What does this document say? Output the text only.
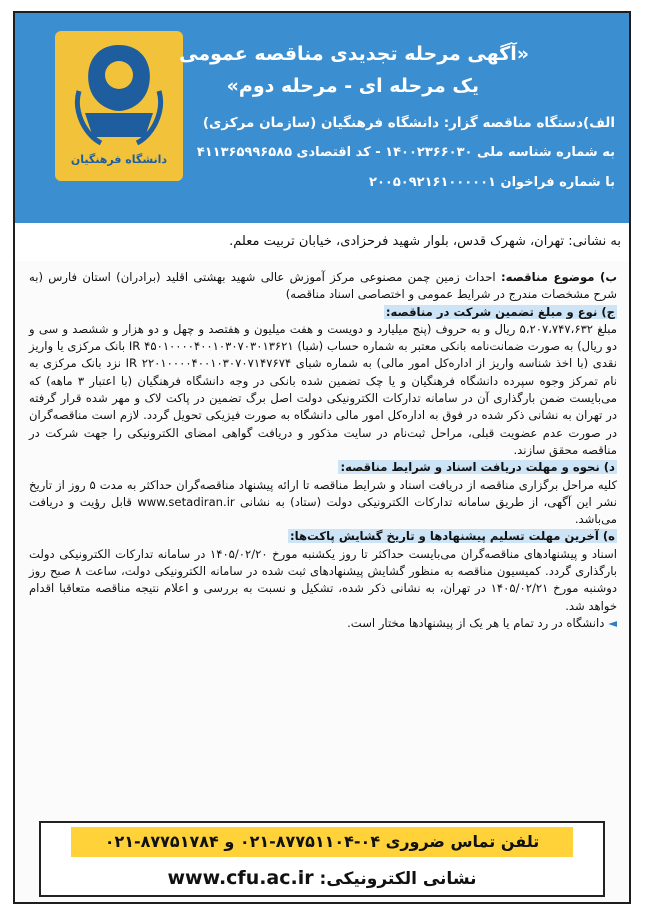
دانشگاه فرهنگیان
«آگهی مرحله تجدیدی مناقصه عمومی
یک مرحله ای - مرحله دوم»
الف)دستگاه مناقصه گزار: دانشگاه فرهنگیان (سازمان مرکزی)
به شماره شناسه ملی ۱۴۰۰۲۳۶۶۰۳۰ - کد اقتصادی ۴۱۱۳۶۵۹۹۶۵۸۵
با شماره فراخوان ۲۰۰۵۰۹۲۱۶۱۰۰۰۰۰۱
به نشانی: تهران، شهرک قدس، بلوار شهید فرحزادی، خیابان تربیت معلم.
ب) موضوع مناقصه: احداث زمین چمن مصنوعی مرکز آموزش عالی شهید بهشتی اقلید (برادران) استان فارس (به شرح مشخصات مندرج در شرایط عمومی و اختصاصی اسناد مناقصه)
ج) نوع و مبلغ تضمین شرکت در مناقصه:
مبلغ ۵،۲۰۷،۷۴۷،۶۳۲ ریال و به حروف (پنج میلیارد و دویست و هفت میلیون و هفتصد و چهل و دو هزار و ششصد و سی و دو ریال) به صورت ضمانت‌نامه بانکی معتبر به شماره حساب (شبا) IR ۴۵۰۱۰۰۰۰۴۰۰۱۰۳۰۷۰۳۰۱۳۶۲۱ بانک مرکزی یا واریز نقدی (با اخذ شناسه واریز از اداره‌کل امور مالی) به شماره شبای IR ۲۲۰۱۰۰۰۰۴۰۰۱۰۳۰۷۰۷۱۴۷۶۷۴ نزد بانک مرکزی به نام تمرکز وجوه سپرده دانشگاه فرهنگیان و یا چک تضمین شده بانکی در وجه دانشگاه فرهنگیان (با اعتبار ۳ ماهه) که می‌بایست ضمن بارگذاری آن در سامانه تدارکات الکترونیکی دولت اصل برگ تضمین در پاکت لاک و مهر شده قرار گرفته در تهران به نشانی ذکر شده در فوق به اداره‌کل امور مالی دانشگاه به صورت فیزیکی تحویل گردد. لازم است مناقصه‌گران در صورت عدم عضویت قبلی، مراحل ثبت‌نام در سایت مذکور و دریافت گواهی امضای الکترونیکی را جهت شرکت در مناقصه محقق سازند.
د) نحوه و مهلت دریافت اسناد و شرایط مناقصه:
کلیه مراحل برگزاری مناقصه از دریافت اسناد و شرایط مناقصه تا ارائه پیشنهاد مناقصه‌گران حداکثر به مدت ۵ روز از تاریخ نشر این آگهی، از طریق سامانه تدارکات الکترونیکی دولت (ستاد) به نشانی www.setadiran.ir قابل رؤیت و دریافت می‌باشد.
ه) آخرین مهلت تسلیم پیشنهادها و تاریخ گشایش پاکت‌ها:
اسناد و پیشنهادهای مناقصه‌گران می‌بایست حداکثر تا روز یکشنبه مورخ ۱۴۰۵/۰۲/۲۰ در سامانه تدارکات الکترونیکی دولت بارگذاری گردد. کمیسیون مناقصه به منظور گشایش پیشنهادهای ثبت شده در سامانه الکترونیکی دولت، ساعت ۸ صبح روز دوشنبه مورخ ۱۴۰۵/۰۲/۲۱ در تهران، به نشانی ذکر شده، تشکیل و نسبت به بررسی و اعلام نتیجه مناقصه متعاقبا اقدام خواهد شد.
◄ دانشگاه در رد تمام یا هر یک از پیشنهادها مختار است.
تلفن تماس ضروری ۰۴-۸۷۷۵۱۱۰۴-۰۲۱ و ۸۷۷۵۱۷۸۴-۰۲۱
نشانی الکترونیکی: www.cfu.ac.ir
